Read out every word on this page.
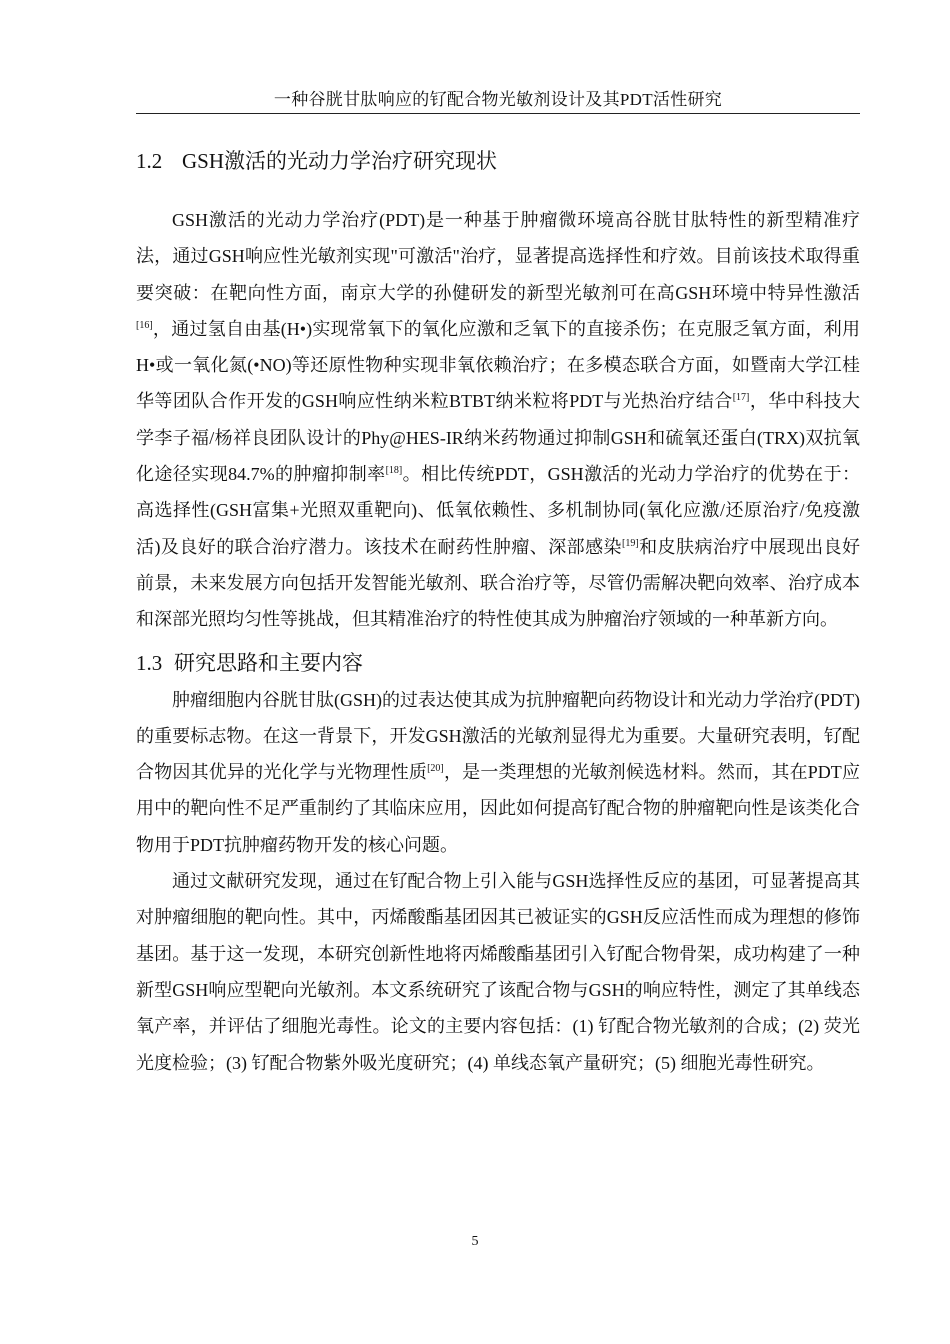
一种谷胱甘肽响应的钌配合物光敏剂设计及其PDT活性研究
1.2 GSH激活的光动力学治疗研究现状

GSH激活的光动力学治疗(PDT)是一种基于肿瘤微环境高谷胱甘肽特性的新型精准疗法，通过GSH响应性光敏剂实现"可激活"治疗，显著提高选择性和疗效。目前该技术取得重要突破：在靶向性方面，南京大学的孙健研发的新型光敏剂可在高GSH环境中特异性激活[16]，通过氢自由基(H•)实现常氧下的氧化应激和乏氧下的直接杀伤；在克服乏氧方面，利用H•或一氧化氮(•NO)等还原性物种实现非氧依赖治疗；在多模态联合方面，如暨南大学江桂华等团队合作开发的GSH响应性纳米粒BTBT纳米粒将PDT与光热治疗结合[17]，华中科技大学李子福/杨祥良团队设计的Phy@HES-IR纳米药物通过抑制GSH和硫氧还蛋白(TRX)双抗氧化途径实现84.7%的肿瘤抑制率[18]。相比传统PDT，GSH激活的光动力学治疗的优势在于：高选择性(GSH富集+光照双重靶向)、低氧依赖性、多机制协同(氧化应激/还原治疗/免疫激活)及良好的联合治疗潜力。该技术在耐药性肿瘤、深部感染[19]和皮肤病治疗中展现出良好前景，未来发展方向包括开发智能光敏剂、联合治疗等，尽管仍需解决靶向效率、治疗成本和深部光照均匀性等挑战，但其精准治疗的特性使其成为肿瘤治疗领域的一种革新方向。

1.3 研究思路和主要内容

肿瘤细胞内谷胱甘肽(GSH)的过表达使其成为抗肿瘤靶向药物设计和光动力学治疗(PDT)的重要标志物。在这一背景下，开发GSH激活的光敏剂显得尤为重要。大量研究表明，钌配合物因其优异的光化学与光物理性质[20]，是一类理想的光敏剂候选材料。然而，其在PDT应用中的靶向性不足严重制约了其临床应用，因此如何提高钌配合物的肿瘤靶向性是该类化合物用于PDT抗肿瘤药物开发的核心问题。

通过文献研究发现，通过在钌配合物上引入能与GSH选择性反应的基团，可显著提高其对肿瘤细胞的靶向性。其中，丙烯酸酯基团因其已被证实的GSH反应活性而成为理想的修饰基团。基于这一发现，本研究创新性地将丙烯酸酯基团引入钌配合物骨架，成功构建了一种新型GSH响应型靶向光敏剂。本文系统研究了该配合物与GSH的响应特性，测定了其单线态氧产率，并评估了细胞光毒性。论文的主要内容包括：(1) 钌配合物光敏剂的合成；(2) 荧光光度检验；(3) 钌配合物紫外吸光度研究；(4) 单线态氧产量研究；(5) 细胞光毒性研究。

5
